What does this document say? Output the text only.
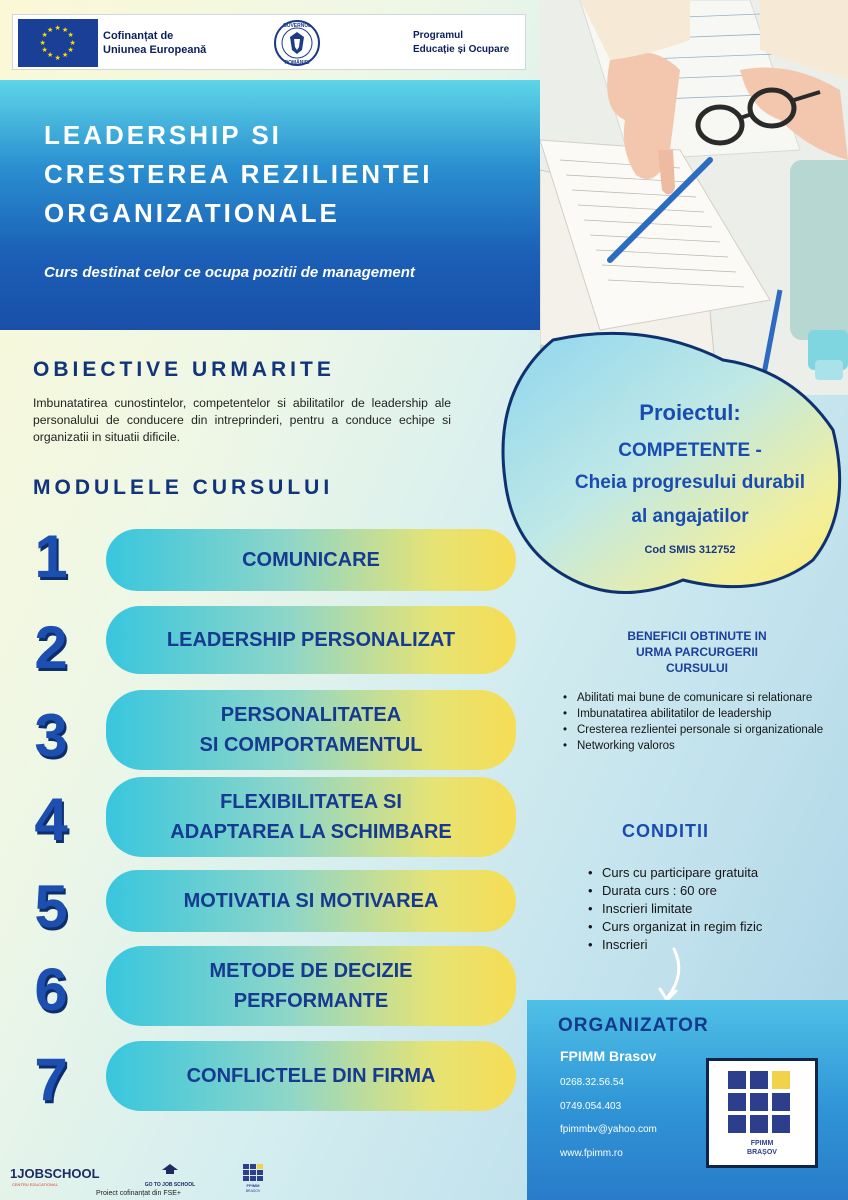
★
★
★
★
★
★
★
★
★ ★ ★
★	Cofinanțat de
Uniunea Europeană
GUVERNUL
ROMÂNIEI
Programul
Educație și Ocupare
LEADERSHIP SI
CRESTEREA REZILIENTEI
ORGANIZATIONALE
Curs destinat celor ce ocupa pozitii de management
OBIECTIVE URMARITE
Imbunatatirea cunostintelor, competentelor si abilitatilor de leadership ale personalului de conducere din intreprinderi, pentru a conduce echipe si organizatii in situatii dificile.
MODULELE CURSULUI
1	COMUNICARE
2	LEADERSHIP PERSONALIZAT
3	PERSONALITATEA
SI COMPORTAMENTUL
4	FLEXIBILITATEA SI
ADAPTAREA LA SCHIMBARE
5	MOTIVATIA SI MOTIVAREA
6	METODE DE DECIZIE
PERFORMANTE
7	CONFLICTELE DIN FIRMA
Proiectul:
COMPETENTE -
Cheia progresului durabil
al angajatilor
Cod SMIS 312752
BENEFICII OBTINUTE IN
URMA PARCURGERII
CURSULUI
• Abilitati mai bune de comunicare si relationare
• Imbunatatirea abilitatilor de leadership
• Cresterea rezlientei personale si organizationale
• Networking valoros
CONDITII
• Curs cu participare gratuita
• Durata curs : 60 ore
• Inscrieri limitate
• Curs organizat in regim fizic
• Inscrieri
ORGANIZATOR
FPIMM Brasov
0268.32.56.54
0749.054.403
fpimmbv@yahoo.com
www.fpimm.ro
FPIMM
BRAȘOV
1JOBSCHOOL
CENTRU EDUCATIONAL	GO TO JOB SCHOOL	FPIMM
BRAȘOV
Proiect cofinanțat din FSE+
